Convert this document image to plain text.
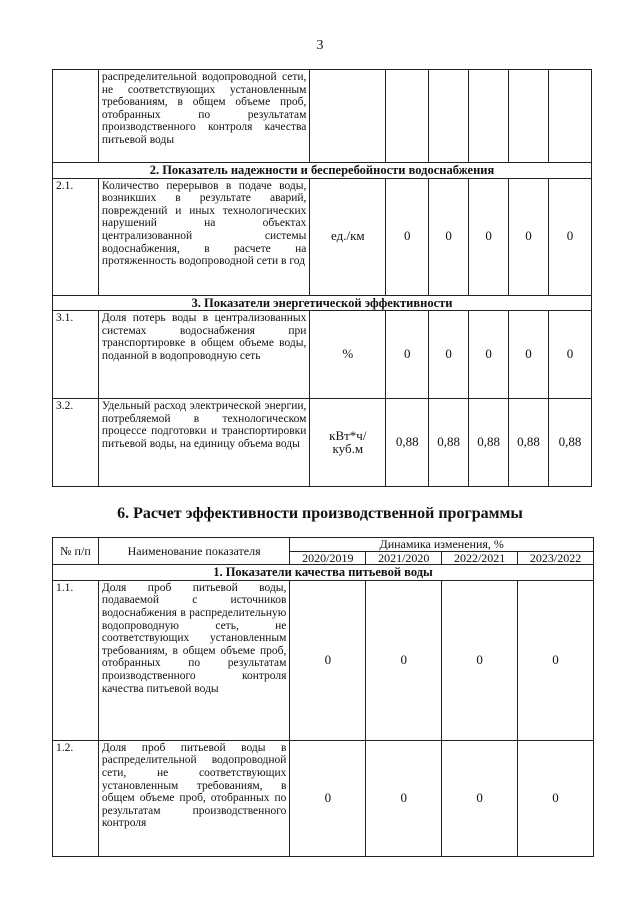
3
	распределительной водопроводной сети, не соответствующих установленным требованиям, в общем объеме проб, отобранных по результатам производственного контроля качества питьевой воды						
2. Показатель надежности и бесперебойности водоснабжения							
2.1.	Количество перерывов в подаче воды, возникших в результате аварий, повреждений и иных технологических нарушений на объектах централизованной системы водоснабжения, в расчете на протяженность водопроводной сети в год	ед./км	0	0	0	0	0
3. Показатели энергетической эффективности							
3.1.	Доля потерь воды в централизованных системах водоснабжения при транспортировке в общем объеме воды, поданной в водопроводную сеть	%	0	0	0	0	0
3.2.	Удельный расход электрической энергии, потребляемой в технологическом процессе подготовки и транспортировки питьевой воды, на единицу объема воды	кВт*ч/ куб.м	0,88	0,88	0,88	0,88	0,88
6. Расчет эффективности производственной программы
№ п/п	Наименование показателя	Динамика изменения, %			
		2020/2019	2021/2020	2022/2021	2023/2022
1. Показатели качества питьевой воды					
1.1.	Доля проб питьевой воды, подаваемой с источников водоснабжения в распределительную водопроводную сеть, не соответствующих установленным требованиям, в общем объеме проб, отобранных по результатам производственного контроля качества питьевой воды	0	0	0	0
1.2.	Доля проб питьевой воды в распределительной водопроводной сети, не соответствующих установленным требованиям, в общем объеме проб, отобранных по результатам производственного контроля	0	0	0	0
